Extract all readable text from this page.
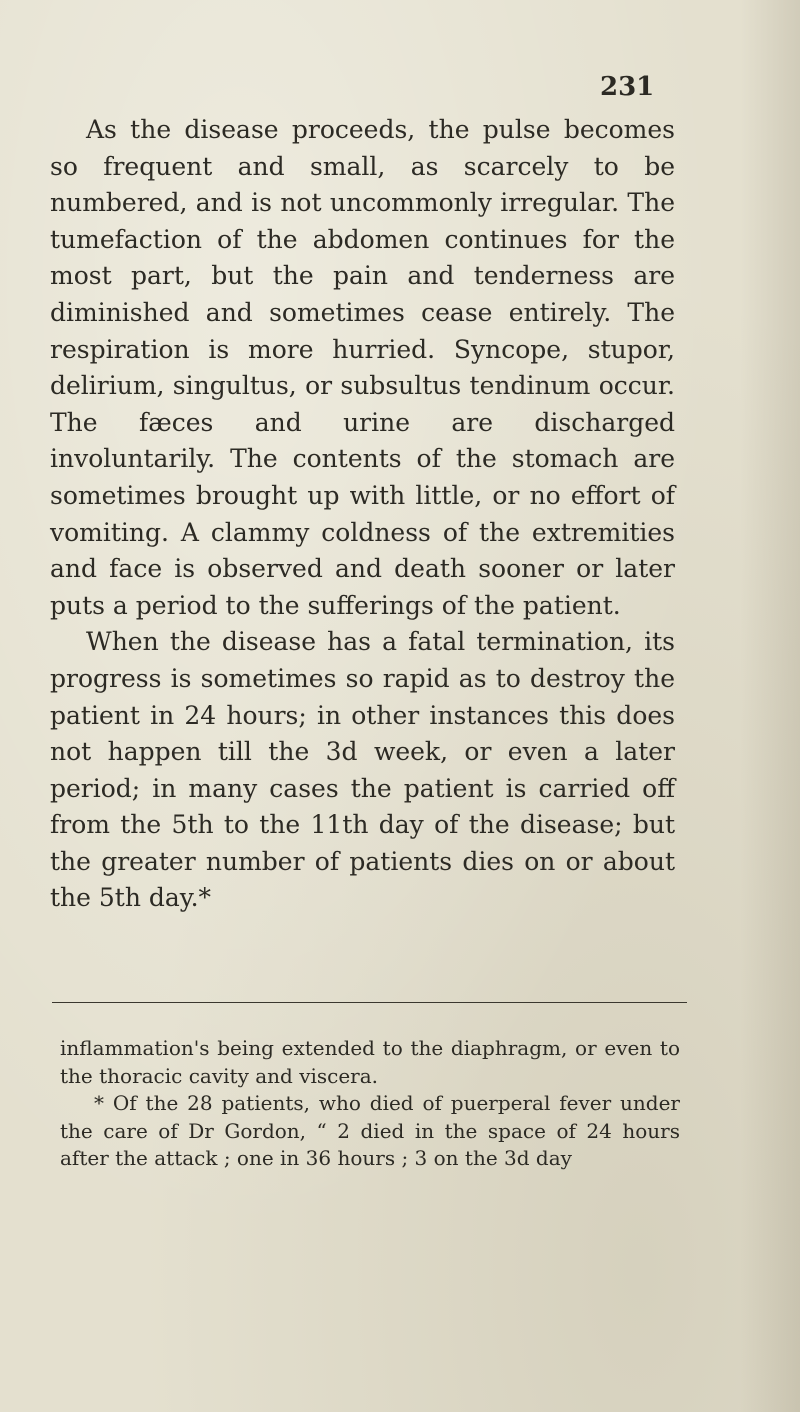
231

As the disease proceeds, the pulse becomes so frequent and small, as scarcely to be numbered, and is not uncommonly irregular. The tumefaction of the abdomen continues for the most part, but the pain and tenderness are diminished and sometimes cease entirely. The respiration is more hurried. Syncope, stupor, delirium, singultus, or subsultus tendinum occur. The fæces and urine are discharged involuntarily. The contents of the stomach are sometimes brought up with little, or no effort of vomiting. A clammy coldness of the extremities and face is observed and death sooner or later puts a period to the sufferings of the patient.

When the disease has a fatal termination, its progress is sometimes so rapid as to destroy the patient in 24 hours; in other instances this does not happen till the 3d week, or even a later period; in many cases the patient is carried off from the 5th to the 11th day of the disease; but the greater number of patients dies on or about the 5th day.*

inflammation's being extended to the diaphragm, or even to the thoracic cavity and viscera.

* Of the 28 patients, who died of puerperal fever under the care of Dr Gordon, “ 2 died in the space of 24 hours after the attack ; one in 36 hours ; 3 on the 3d day
